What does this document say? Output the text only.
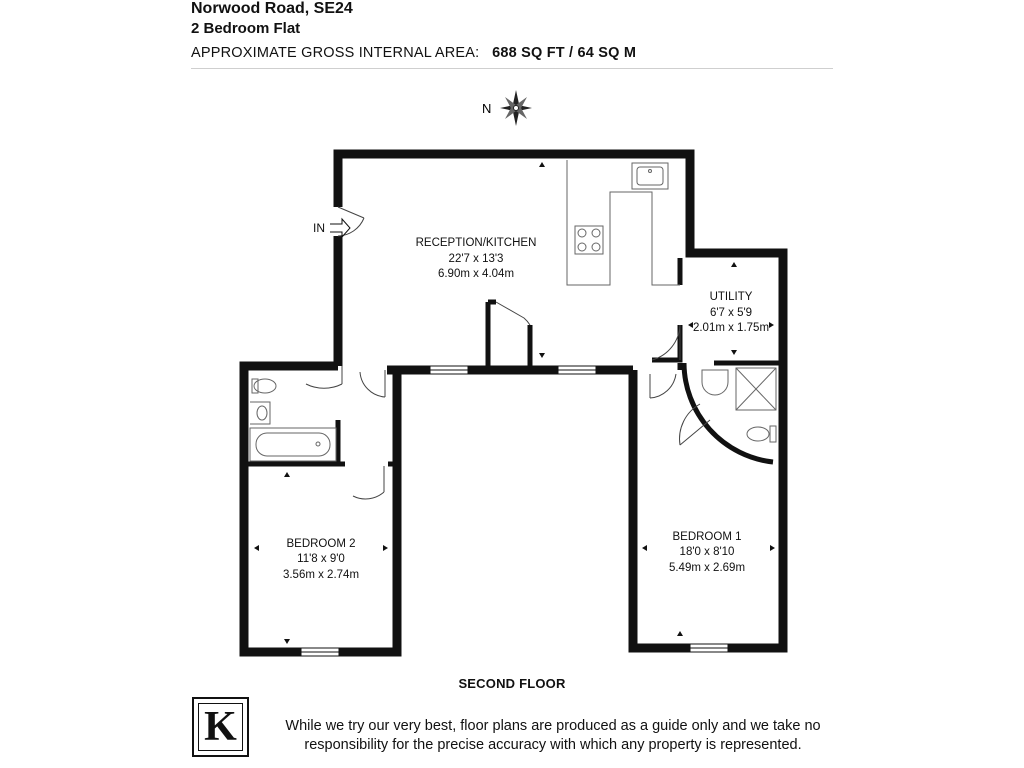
Norwood Road, SE24
2 Bedroom Flat
APPROXIMATE GROSS INTERNAL AREA: 688 SQ FT / 64 SQ M
N
IN
RECEPTION/KITCHEN
22'7 x 13'3
6.90m x 4.04m
UTILITY
6'7 x 5'9
2.01m x 1.75m
BEDROOM 2
11'8 x 9'0
3.56m x 2.74m
BEDROOM 1
18'0 x 8'10
5.49m x 2.69m
SECOND FLOOR
K	While we try our very best, floor plans are produced as a guide only and we take no responsibility for the precise accuracy with which any property is represented.
